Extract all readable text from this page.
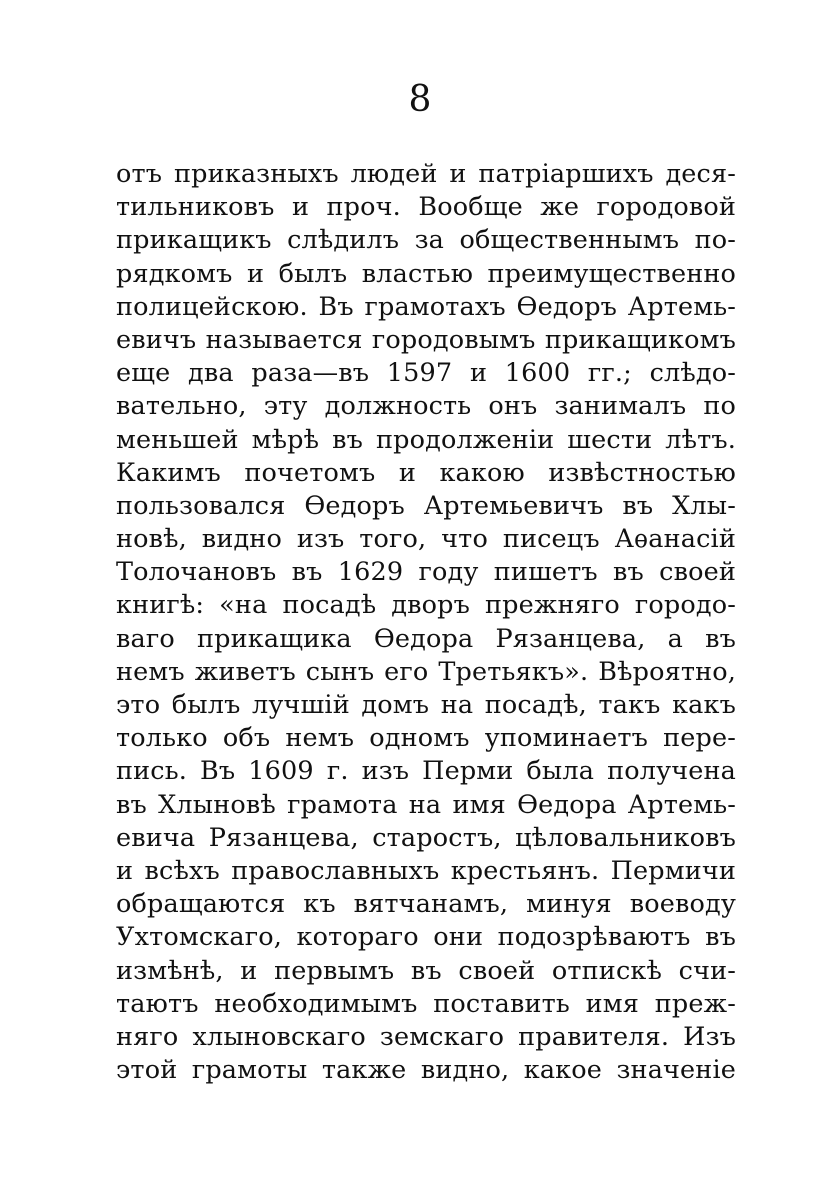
8
отъ приказныхъ людей и патріаршихъ деся-
тильниковъ и проч. Вообще же городовой
прикащикъ слѣдилъ за общественнымъ по-
рядкомъ и былъ властью преимущественно
полицейскою. Въ грамотахъ Ѳедоръ Артемь-
евичъ называется городовымъ прикащикомъ
еще два раза—въ 1597 и 1600 гг.; слѣдо-
вательно, эту должность онъ занималъ по
меньшей мѣрѣ въ продолженіи шести лѣтъ.
Какимъ почетомъ и какою извѣстностью
пользовался Ѳедоръ Артемьевичъ въ Хлы-
новѣ, видно изъ того, что писецъ Аѳанасій
Толочановъ въ 1629 году пишетъ въ своей
книгѣ: «на посадѣ дворъ прежняго городо-
ваго прикащика Ѳедора Рязанцева, а въ
немъ живетъ сынъ его Третьякъ». Вѣроятно,
это былъ лучшій домъ на посадѣ, такъ какъ
только объ немъ одномъ упоминаетъ пере-
пись. Въ 1609 г. изъ Перми была получена
въ Хлыновѣ грамота на имя Ѳедора Артемь-
евича Рязанцева, старостъ, цѣловальниковъ
и всѣхъ православныхъ крестьянъ. Пермичи
обращаются къ вятчанамъ, минуя воеводу
Ухтомскаго, котораго они подозрѣваютъ въ
измѣнѣ, и первымъ въ своей отпискѣ счи-
таютъ необходимымъ поставить имя преж-
няго хлыновскаго земскаго правителя. Изъ
этой грамоты также видно, какое значеніе
